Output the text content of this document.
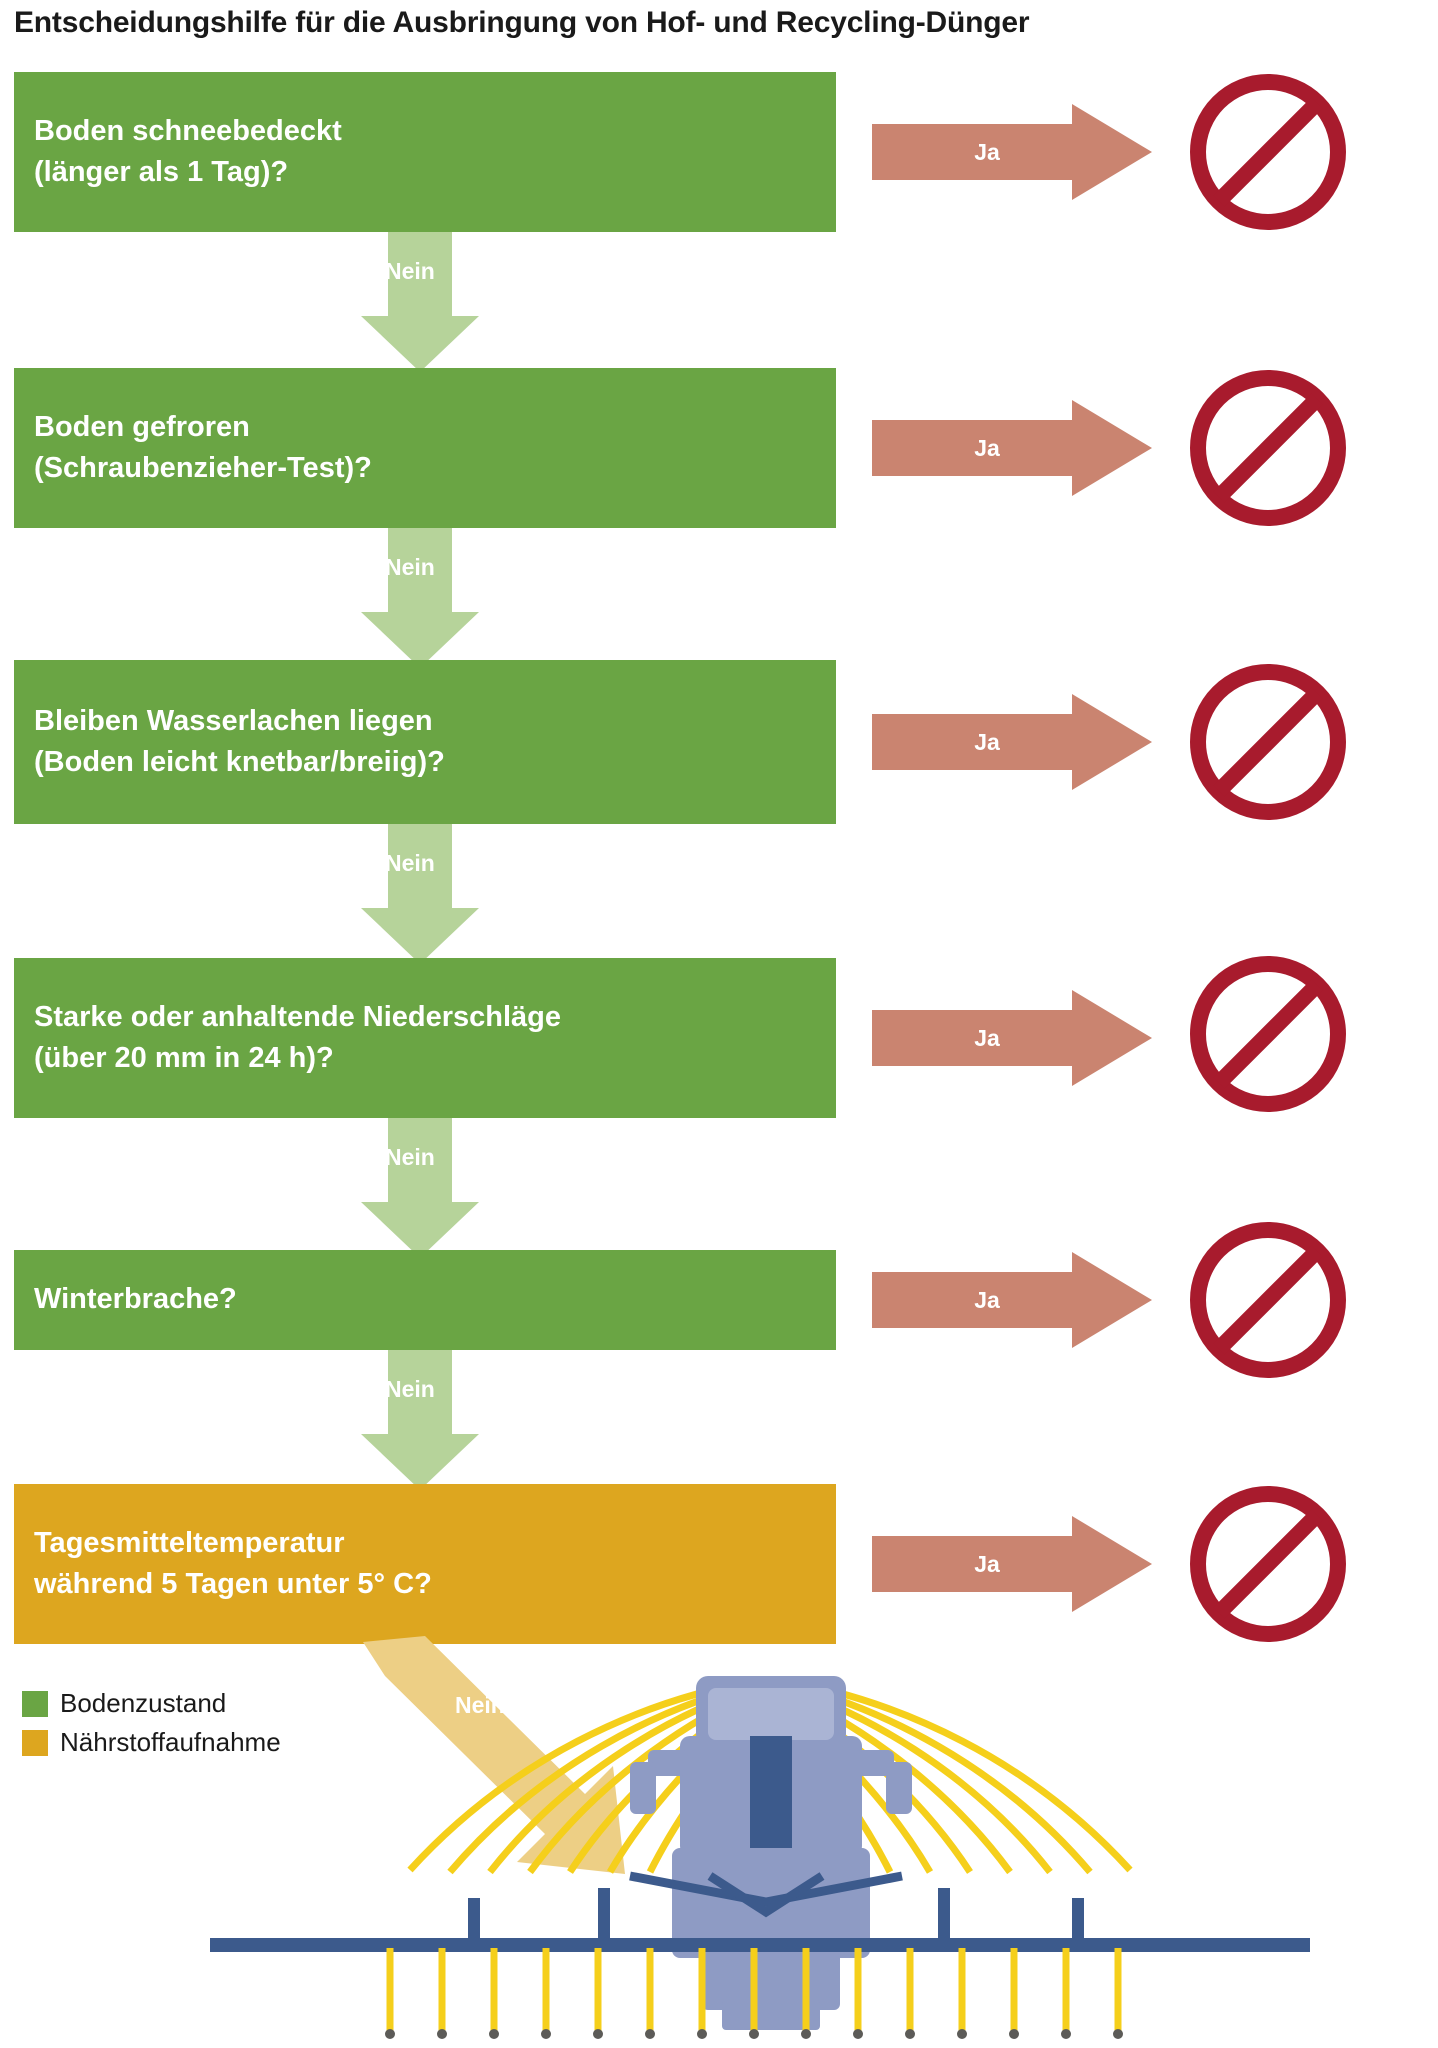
Entscheidungshilfe für die Ausbringung von Hof- und Recycling-Dünger
Boden schneebedeckt
(länger als 1 Tag)?
Ja
Nein
Boden gefroren
(Schraubenzieher-Test)?
Ja
Nein
Bleiben Wasserlachen liegen
(Boden leicht knetbar/breiig)?
Ja
Nein
Starke oder anhaltende Niederschläge
(über 20 mm in 24 h)?
Ja
Nein
Winterbrache?	Ja
Nein
Tagesmitteltemperatur
während 5 Tagen unter 5° C?
Ja
Nein
Bodenzustand
Nährstoffaufnahme
